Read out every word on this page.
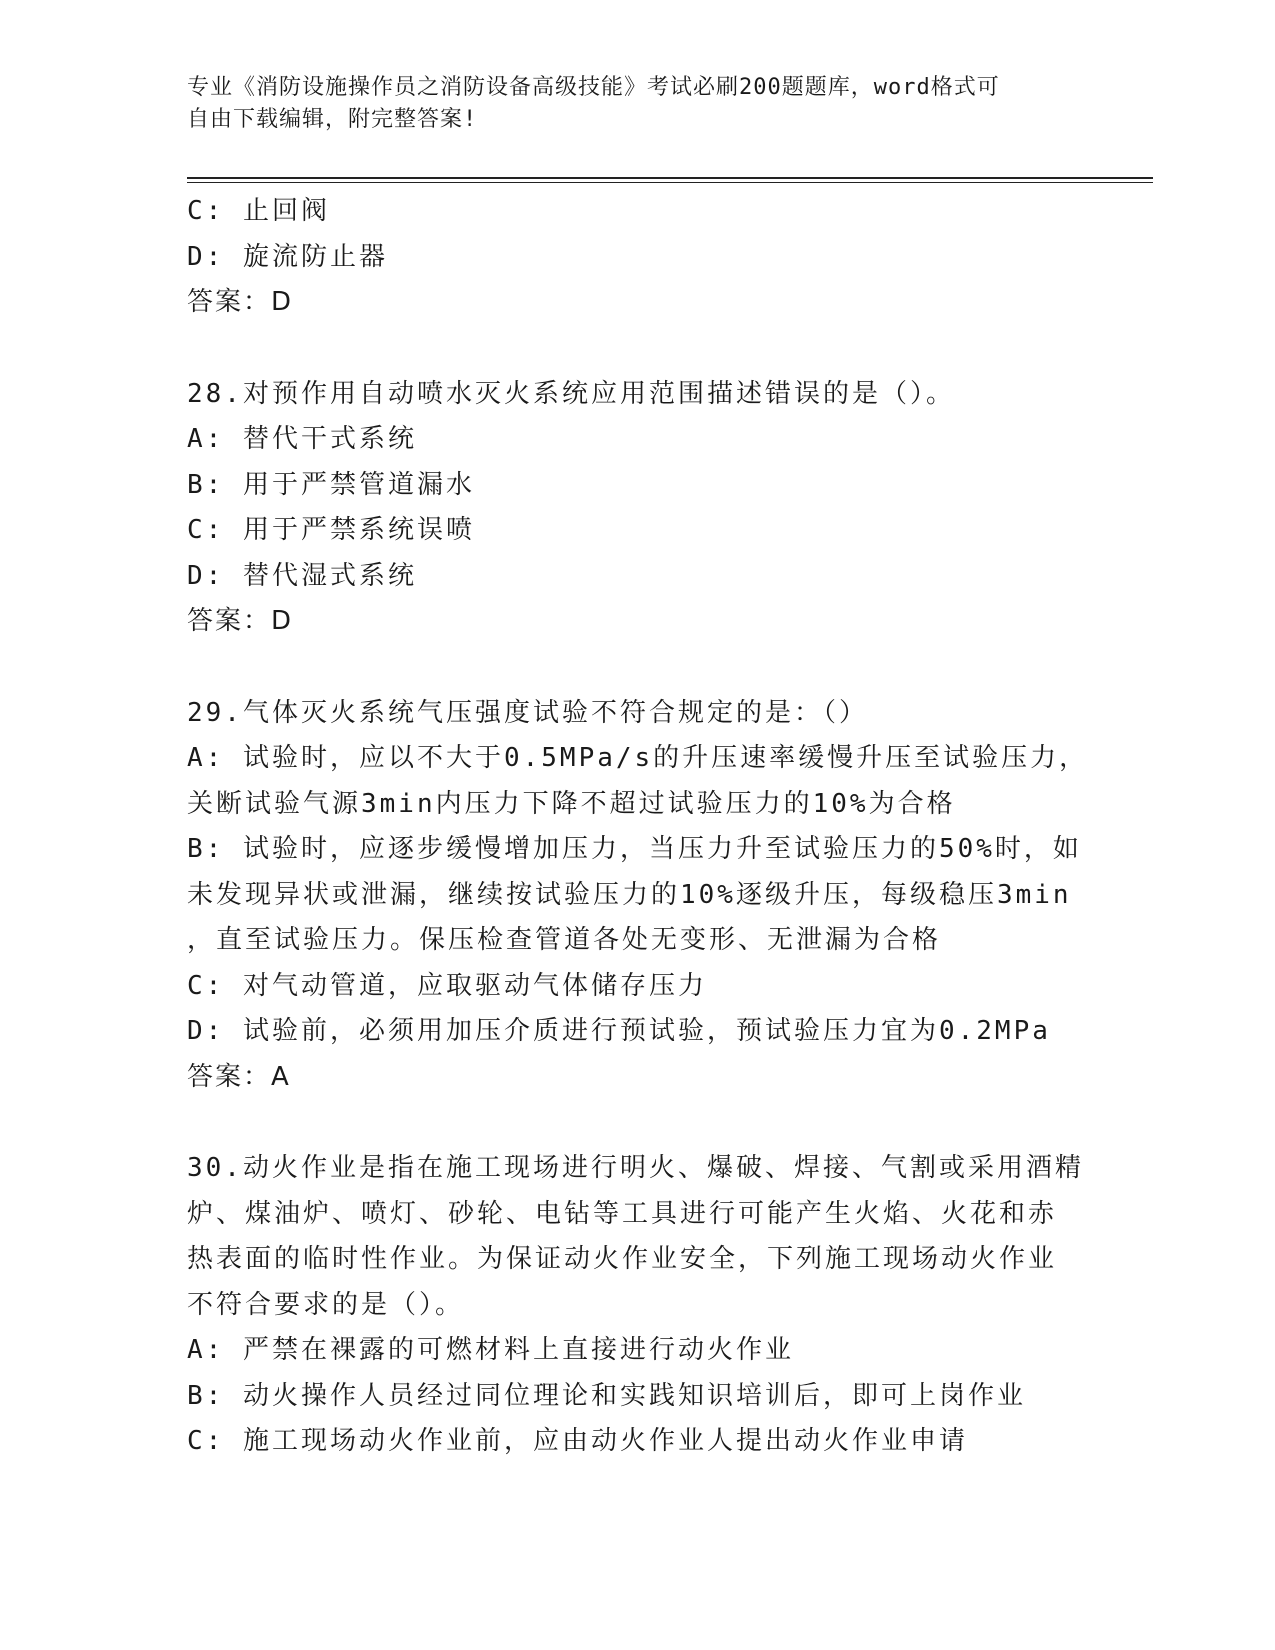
专业《消防设施操作员之消防设备高级技能》考试必刷200题题库，word格式可
自由下载编辑，附完整答案!
C: 止回阀
D: 旋流防止器
答案：D
28.对预作用自动喷水灭火系统应用范围描述错误的是（）。
A: 替代干式系统
B: 用于严禁管道漏水
C: 用于严禁系统误喷
D: 替代湿式系统
答案：D
29.气体灭火系统气压强度试验不符合规定的是：（）
A: 试验时，应以不大于0.5MPa/s的升压速率缓慢升压至试验压力，
关断试验气源3min内压力下降不超过试验压力的10%为合格
B: 试验时，应逐步缓慢增加压力，当压力升至试验压力的50%时，如
未发现异状或泄漏，继续按试验压力的10%逐级升压，每级稳压3min
，直至试验压力。保压检查管道各处无变形、无泄漏为合格
C: 对气动管道，应取驱动气体储存压力
D: 试验前，必须用加压介质进行预试验，预试验压力宜为0.2MPa
答案：A
30.动火作业是指在施工现场进行明火、爆破、焊接、气割或采用酒精
炉、煤油炉、喷灯、砂轮、电钻等工具进行可能产生火焰、火花和赤
热表面的临时性作业。为保证动火作业安全，下列施工现场动火作业
不符合要求的是（）。
A: 严禁在裸露的可燃材料上直接进行动火作业
B: 动火操作人员经过同位理论和实践知识培训后，即可上岗作业
C: 施工现场动火作业前，应由动火作业人提出动火作业申请
